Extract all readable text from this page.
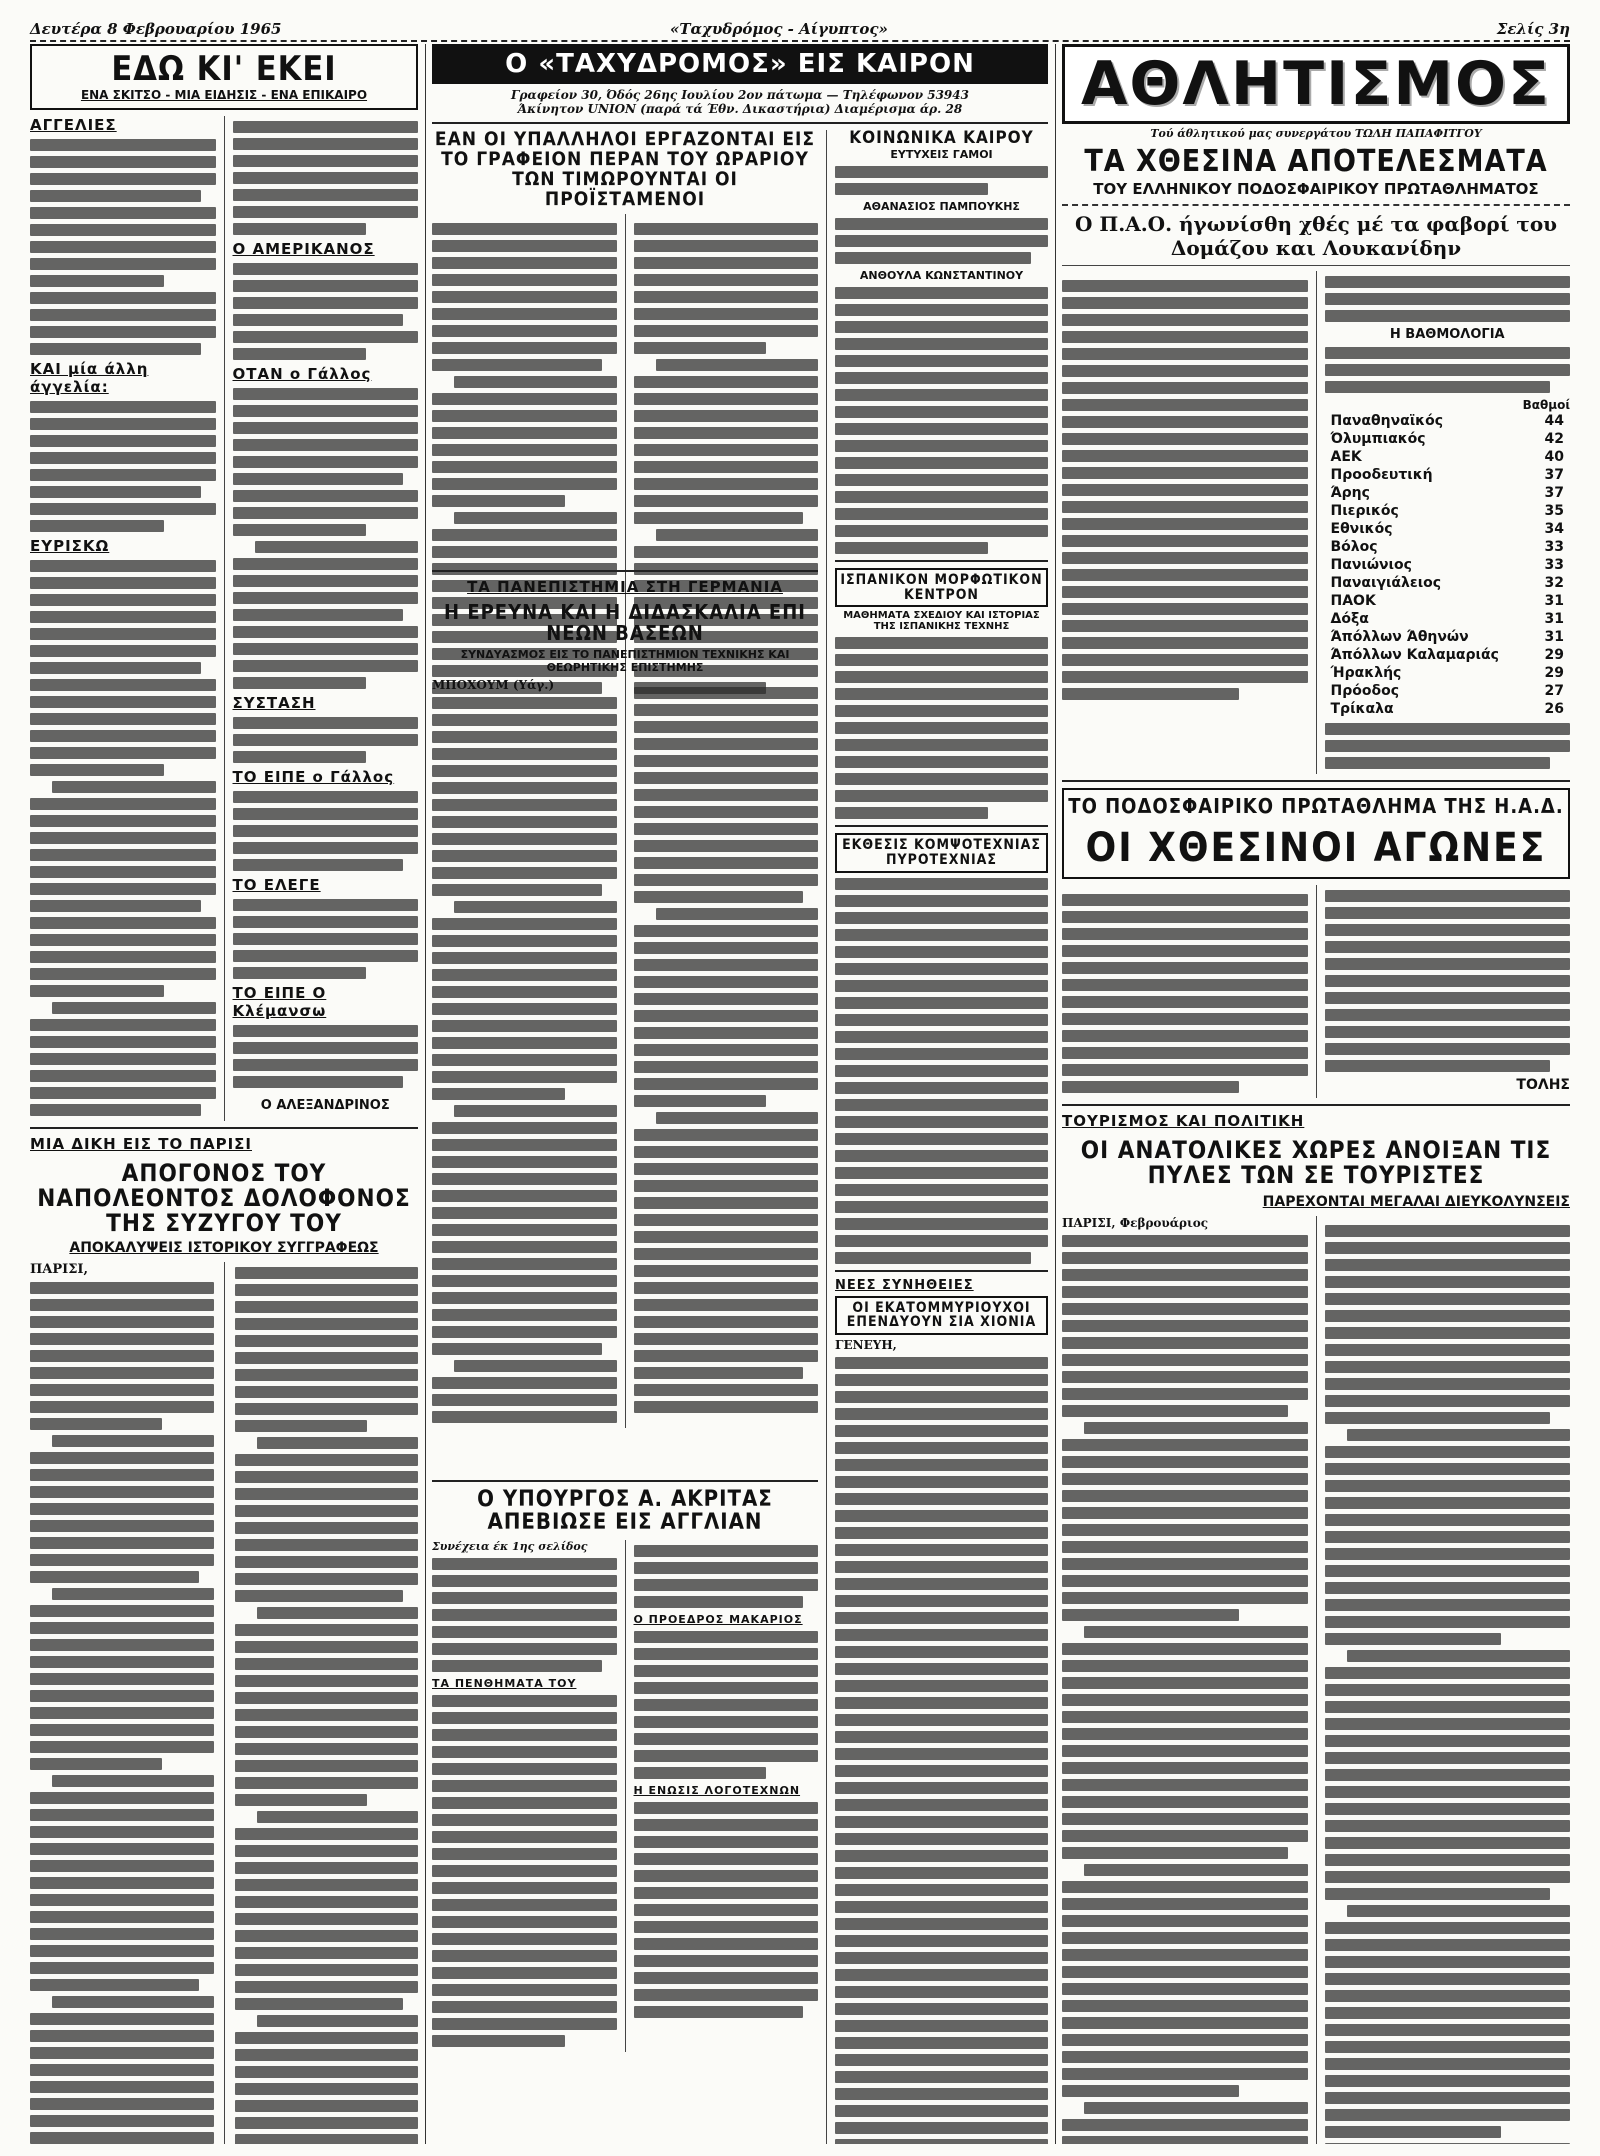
Δευτέρα 8 Φεβρουαρίου 1965	«Ταχυδρόμος - Αίγυπτος»	Σελίς 3η
ΕΔΩ ΚΙ' ΕΚΕΙ
ΕΝΑ ΣΚΙΤΣΟ - ΜΙΑ ΕΙΔΗΣΙΣ - ΕΝΑ ΕΠΙΚΑΙΡΟ
ΑΓΓΕΛΙΕΣ
ΚΑΙ μία άλλη άγγελία:
ΕΥΡΙΣΚΩ
Ο ΑΜΕΡΙΚΑΝΟΣ
ΟΤΑΝ ο Γάλλος
ΣΥΣΤΑΣΗ
ΤΟ ΕΙΠΕ ο Γάλλος
ΤΟ ΕΛΕΓΕ
ΤΟ ΕΙΠΕ Ο Κλέμανσω
Ο ΑΛΕΞΑΝΔΡΙΝΟΣ
ΜΙΑ ΔΙΚΗ ΕΙΣ ΤΟ ΠΑΡΙΣΙ
ΑΠΟΓΟΝΟΣ ΤΟΥ ΝΑΠΟΛΕΟΝΤΟΣ ΔΟΛΟΦΟΝΟΣ ΤΗΣ ΣΥΖΥΓΟΥ ΤΟΥ
ΑΠΟΚΑΛΥΨΕΙΣ ΙΣΤΟΡΙΚΟΥ ΣΥΓΓΡΑΦΕΩΣ
ΠΑΡΙΣΙ,
Ο «ΤΑΧΥΔΡΟΜΟΣ» ΕΙΣ ΚΑΙΡΟΝ
Γραφείον 30, Όδός 26ης Ιουλίου 2ον πάτωμα — Τηλέφωνον 53943
Άκίνητον UNION (παρά τά Έθν. Δικαστήρια) Διαμέρισμα άρ. 28
ΕΑΝ ΟΙ ΥΠΑΛΛΗΛΟΙ ΕΡΓΑΖΟΝΤΑΙ ΕΙΣ ΤΟ ΓΡΑΦΕΙΟΝ ΠΕΡΑΝ ΤΟΥ ΩΡΑΡΙΟΥ ΤΩΝ ΤΙΜΩΡΟΥΝΤΑΙ ΟΙ ΠΡΟΪΣΤΑΜΕΝΟΙ
ΚΟΙΝΩΝΙΚΑ ΚΑΙΡΟΥ
ΕΥΤΥΧΕΙΣ ΓΑΜΟΙ
ΑΘΑΝΑΣΙΟΣ ΠΑΜΠΟΥΚΗΣ
ΑΝΘΟΥΛΑ ΚΩΝΣΤΑΝΤΙΝΟΥ
ΙΣΠΑΝΙΚΟΝ ΜΟΡΦΩΤΙΚΟΝ ΚΕΝΤΡΟΝ
ΜΑΘΗΜΑΤΑ ΣΧΕΔΙΟΥ ΚΑΙ ΙΣΤΟΡΙΑΣ ΤΗΣ ΙΣΠΑΝΙΚΗΣ ΤΕΧΝΗΣ
ΕΚΘΕΣΙΣ ΚΟΜΨΟΤΕΧΝΙΑΣ ΠΥΡΟΤΕΧΝΙΑΣ
ΝΕΕΣ ΣΥΝΗΘΕΙΕΣ
ΟΙ ΕΚΑΤΟΜΜΥΡΙΟΥΧΟΙ ΕΠΕΝΔΥΟΥΝ ΣΙΑ ΧΙΟΝΙΑ
ΓΕΝΕΥΗ,
ΤΑ ΠΑΝΕΠΙΣΤΗΜΙΑ ΣΤΗ ΓΕΡΜΑΝΙΑ
Η ΕΡΕΥΝΑ ΚΑΙ Η ΔΙΔΑΣΚΑΛΙΑ ΕΠΙ ΝΕΩΝ ΒΑΣΕΩΝ
ΣΥΝΔΥΑΣΜΟΣ ΕΙΣ ΤΟ ΠΑΝΕΠΙΣΤΗΜΙΟΝ ΤΕΧΝΙΚΗΣ ΚΑΙ ΘΕΩΡΗΤΙΚΗΣ ΕΠΙΣΤΗΜΗΣ
ΜΠΟΧΟΥΜ (Υάγ.)
Ο ΥΠΟΥΡΓΟΣ Α. ΑΚΡΙΤΑΣ ΑΠΕΒΙΩΣΕ ΕΙΣ ΑΓΓΛΙΑΝ
Συνέχεια έκ 1ης σελίδος
ΤΑ ΠΕΝΘΗΜΑΤΑ ΤΟΥ
Ο ΠΡΟΕΔΡΟΣ ΜΑΚΑΡΙΟΣ
Η ΕΝΩΣΙΣ ΛΟΓΟΤΕΧΝΩΝ
ΑΘΛΗΤΙΣΜΟΣ
Τού άθλητικού μας συνεργάτου ΤΩΛΗ ΠΑΠΑΦΙΤΓΟΥ
ΤΑ ΧΘΕΣΙΝΑ ΑΠΟΤΕΛΕΣΜΑΤΑ
ΤΟΥ ΕΛΛΗΝΙΚΟΥ ΠΟΔΟΣΦΑΙΡΙΚΟΥ ΠΡΩΤΑΘΛΗΜΑΤΟΣ
Ο Π.Α.Ο. ήγωνίσθη χθές μέ τα φαβορί του Δομάζου και Λουκανίδην
Η ΒΑΘΜΟΛΟΓΙΑ
Βαθμοί
Παναθηναϊκός	44
Όλυμπιακός	42
ΑΕΚ	40
Προοδευτική	37
Άρης	37
Πιερικός	35
Εθνικός	34
Βόλος	33
Πανιώνιος	33
Παναιγιάλειος	32
ΠΑΟΚ	31
Δόξα	31
Άπόλλων Άθηνών	31
Άπόλλων Καλαμαριάς	29
Ήρακλής	29
Πρόοδος	27
Τρίκαλα	26
ΤΟ ΠΟΔΟΣΦΑΙΡΙΚΟ ΠΡΩΤΑΘΛΗΜΑ ΤΗΣ Η.Α.Δ.
ΟΙ ΧΘΕΣΙΝΟΙ ΑΓΩΝΕΣ
ΤΟΛΗΣ
ΤΟΥΡΙΣΜΟΣ ΚΑΙ ΠΟΛΙΤΙΚΗ
ΟΙ ΑΝΑΤΟΛΙΚΕΣ ΧΩΡΕΣ ΑΝΟΙΞΑΝ ΤΙΣ ΠΥΛΕΣ ΤΩΝ ΣΕ ΤΟΥΡΙΣΤΕΣ
ΠΑΡΕΧΟΝΤΑΙ ΜΕΓΑΛΑΙ ΔΙΕΥΚΟΛΥΝΣΕΙΣ
ΠΑΡΙΣΙ, Φεβρουάριος
